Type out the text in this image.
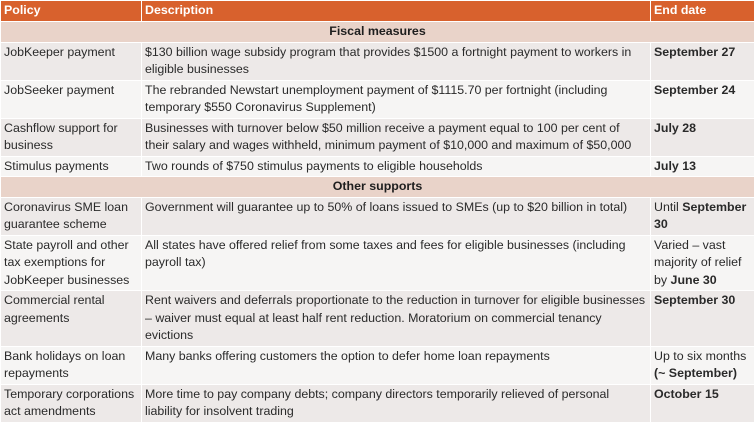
Policy	Description	End date
Fiscal measures		
JobKeeper payment	$130 billion wage subsidy program that provides $1500 a fortnight payment to workers in eligible businesses	September 27
JobSeeker payment	The rebranded Newstart unemployment payment of $1115.70 per fortnight (including temporary $550 Coronavirus Supplement)	September 24
Cashflow support for business	Businesses with turnover below $50 million receive a payment equal to 100 per cent of their salary and wages withheld, minimum payment of $10,000 and maximum of $50,000	July 28
Stimulus payments	Two rounds of $750 stimulus payments to eligible households	July 13
Other supports		
Coronavirus SME loan guarantee scheme	Government will guarantee up to 50% of loans issued to SMEs (up to $20 billion in total)	Until September 30
State payroll and other tax exemptions for JobKeeper businesses	All states have offered relief from some taxes and fees for eligible businesses (including payroll tax)	Varied – vast majority of relief by June 30
Commercial rental agreements	Rent waivers and deferrals proportionate to the reduction in turnover for eligible businesses – waiver must equal at least half rent reduction. Moratorium on commercial tenancy evictions	September 30
Bank holidays on loan repayments	Many banks offering customers the option to defer home loan repayments	Up to six months (~ September)
Temporary corporations act amendments	More time to pay company debts; company directors temporarily relieved of personal liability for insolvent trading	October 15
